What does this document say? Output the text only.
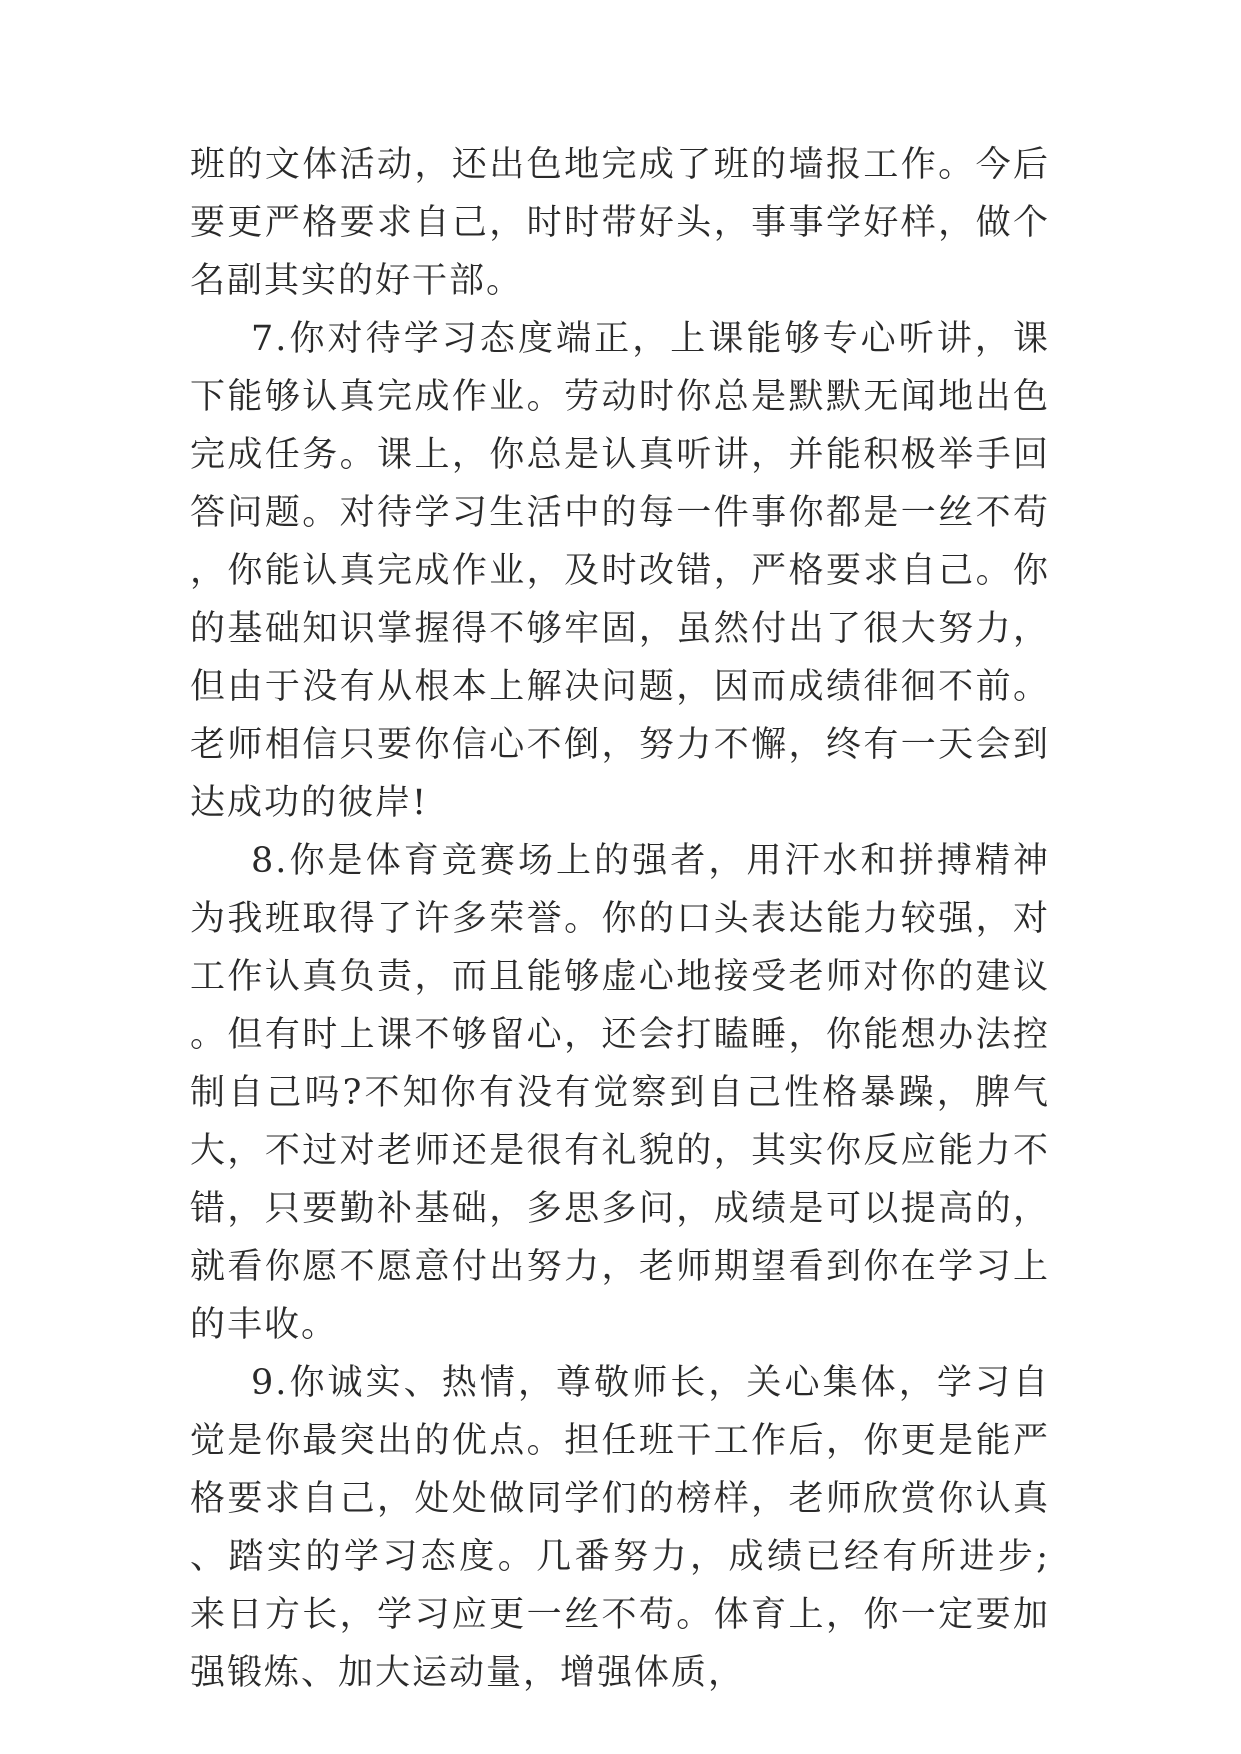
班的文体活动，还出色地完成了班的墙报工作。今后要更严格要求自己，时时带好头，事事学好样，做个名副其实的好干部。

7.你对待学习态度端正，上课能够专心听讲，课下能够认真完成作业。劳动时你总是默默无闻地出色完成任务。课上，你总是认真听讲，并能积极举手回答问题。对待学习生活中的每一件事你都是一丝不苟，你能认真完成作业，及时改错，严格要求自己。你的基础知识掌握得不够牢固，虽然付出了很大努力，但由于没有从根本上解决问题，因而成绩徘徊不前。老师相信只要你信心不倒，努力不懈，终有一天会到达成功的彼岸!

8.你是体育竞赛场上的强者，用汗水和拼搏精神为我班取得了许多荣誉。你的口头表达能力较强，对工作认真负责，而且能够虚心地接受老师对你的建议。但有时上课不够留心，还会打瞌睡，你能想办法控制自己吗?不知你有没有觉察到自己性格暴躁，脾气大，不过对老师还是很有礼貌的，其实你反应能力不错，只要勤补基础，多思多问，成绩是可以提高的，就看你愿不愿意付出努力，老师期望看到你在学习上的丰收。

9.你诚实、热情，尊敬师长，关心集体，学习自觉是你最突出的优点。担任班干工作后，你更是能严格要求自己，处处做同学们的榜样，老师欣赏你认真、踏实的学习态度。几番努力，成绩已经有所进步;来日方长，学习应更一丝不苟。体育上，你一定要加强锻炼、加大运动量，增强体质，
